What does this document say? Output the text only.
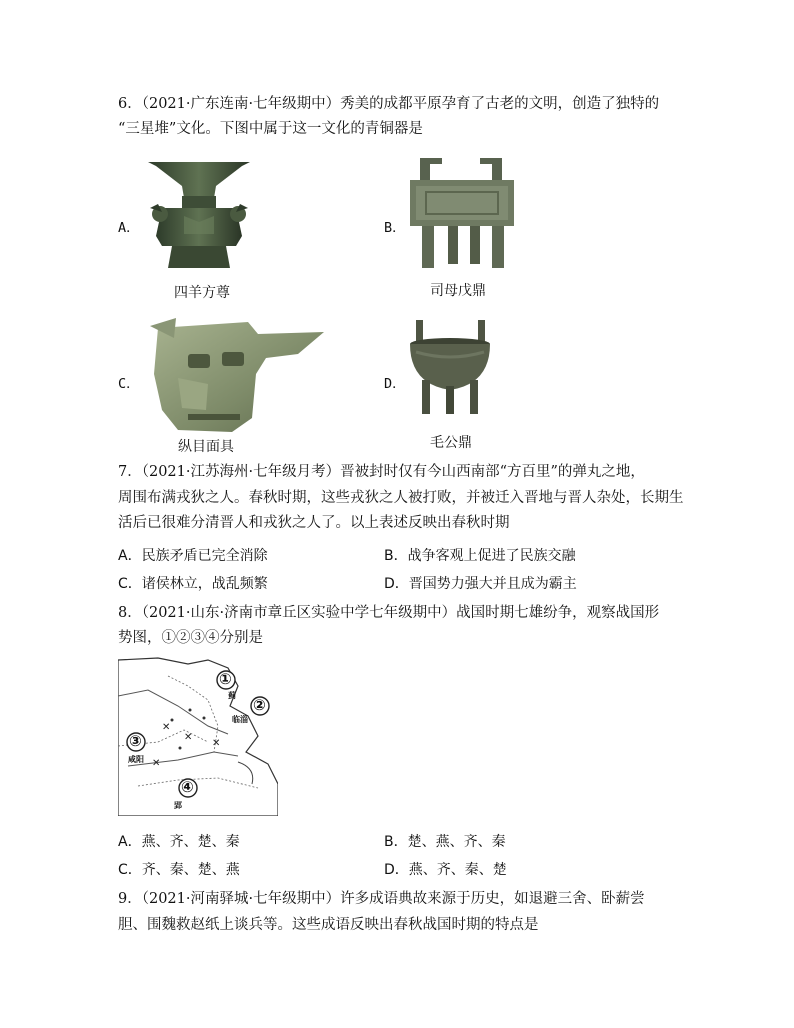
6．（2021·广东连南·七年级期中）秀美的成都平原孕育了古老的文明，创造了独特的
“三星堆”文化。下图中属于这一文化的青铜器是
A．
四羊方尊
B．
司母戊鼎
C．
纵目面具
D．
毛公鼎
7．（2021·江苏海州·七年级月考）晋被封时仅有今山西南部“方百里”的弹丸之地，
周围布满戎狄之人。春秋时期，这些戎狄之人被打败，并被迁入晋地与晋人杂处，长期生
活后已很难分清晋人和戎狄之人了。以上表述反映出春秋时期
A．民族矛盾已完全消除	B．战争客观上促进了民族交融
C．诸侯林立，战乱频繁	D．晋国势力强大并且成为霸主
8．（2021·山东·济南市章丘区实验中学七年级期中）战国时期七雄纷争，观察战国形
势图，①②③④分别是
✕
✕
✕
✕
①
②
③
④
蓟
临淄
咸阳
郢
A．燕、齐、楚、秦	B．楚、燕、齐、秦
C．齐、秦、楚、燕	D．燕、齐、秦、楚
9．（2021·河南驿城·七年级期中）许多成语典故来源于历史，如退避三舍、卧薪尝
胆、围魏救赵纸上谈兵等。这些成语反映出春秋战国时期的特点是
